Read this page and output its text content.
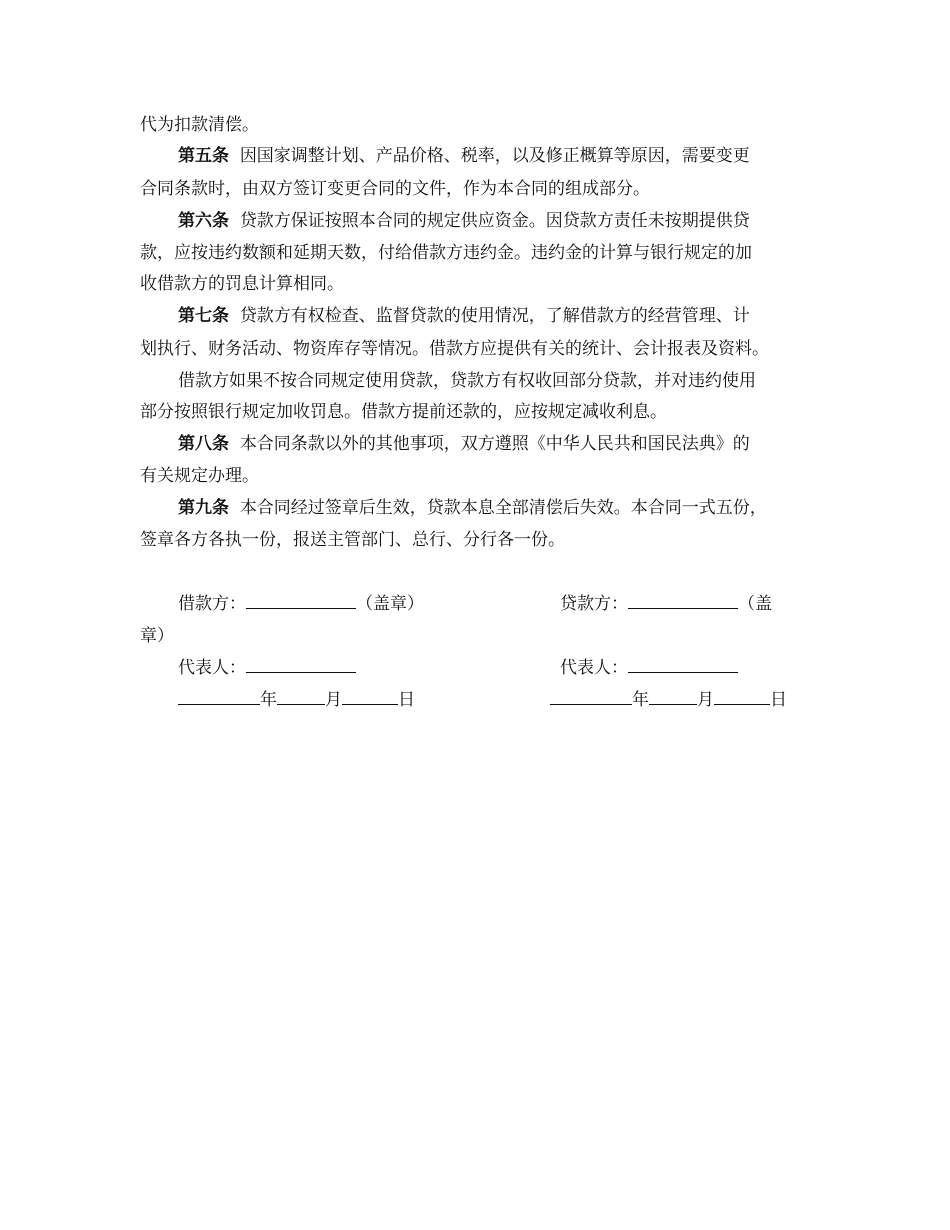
代为扣款清偿。
第五条 因国家调整计划、产品价格、税率，以及修正概算等原因，需要变更
合同条款时，由双方签订变更合同的文件，作为本合同的组成部分。
第六条 贷款方保证按照本合同的规定供应资金。因贷款方责任未按期提供贷
款，应按违约数额和延期天数，付给借款方违约金。违约金的计算与银行规定的加
收借款方的罚息计算相同。
第七条 贷款方有权检查、监督贷款的使用情况，了解借款方的经营管理、计
划执行、财务活动、物资库存等情况。借款方应提供有关的统计、会计报表及资料。
借款方如果不按合同规定使用贷款，贷款方有权收回部分贷款，并对违约使用
部分按照银行规定加收罚息。借款方提前还款的，应按规定减收利息。
第八条 本合同条款以外的其他事项，双方遵照《中华人民共和国民法典》的
有关规定办理。
第九条 本合同经过签章后生效，贷款本息全部清偿后失效。本合同一式五份，
签章各方各执一份，报送主管部门、总行、分行各一份。
借款方：	（盖章）	贷款方：	（盖
章）
代表人：	代表人：
年	月	日	年	月	日
